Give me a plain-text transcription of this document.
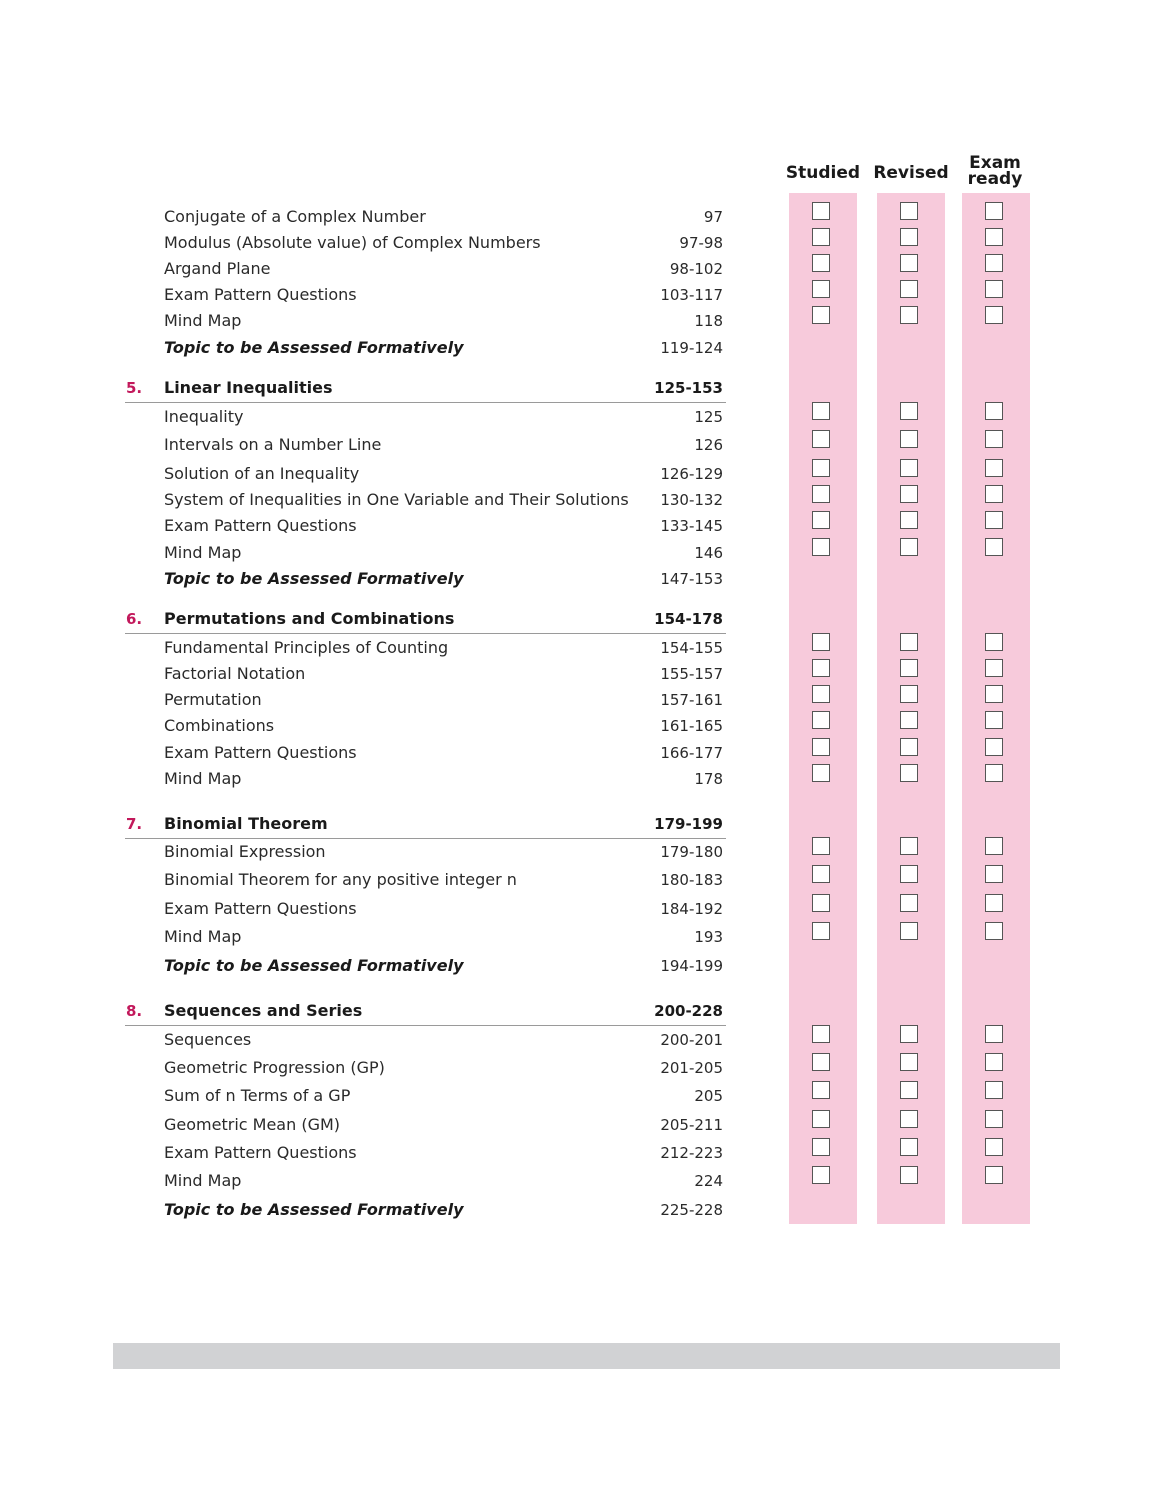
Studied Revised	Exam
ready
Conjugate of a Complex Number	97
Modulus (Absolute value) of Complex Numbers	97-98
Argand Plane	98-102
Exam Pattern Questions	103-117
Mind Map	118
Topic to be Assessed Formatively	119-124
5. Linear Inequalities	125-153
Inequality	125
Intervals on a Number Line	126
Solution of an Inequality	126-129
System of Inequalities in One Variable and Their Solutions 130-132
Exam Pattern Questions	133-145
Mind Map	146
Topic to be Assessed Formatively	147-153
6. Permutations and Combinations	154-178
Fundamental Principles of Counting	154-155
Factorial Notation	155-157
Permutation	157-161
Combinations	161-165
Exam Pattern Questions	166-177
Mind Map	178
7. Binomial Theorem	179-199
Binomial Expression	179-180
Binomial Theorem for any positive integer n	180-183
Exam Pattern Questions	184-192
Mind Map	193
Topic to be Assessed Formatively	194-199
8. Sequences and Series	200-228
Sequences	200-201
Geometric Progression (GP)	201-205
Sum of n Terms of a GP	205
Geometric Mean (GM)	205-211
Exam Pattern Questions	212-223
Mind Map	224
Topic to be Assessed Formatively	225-228
